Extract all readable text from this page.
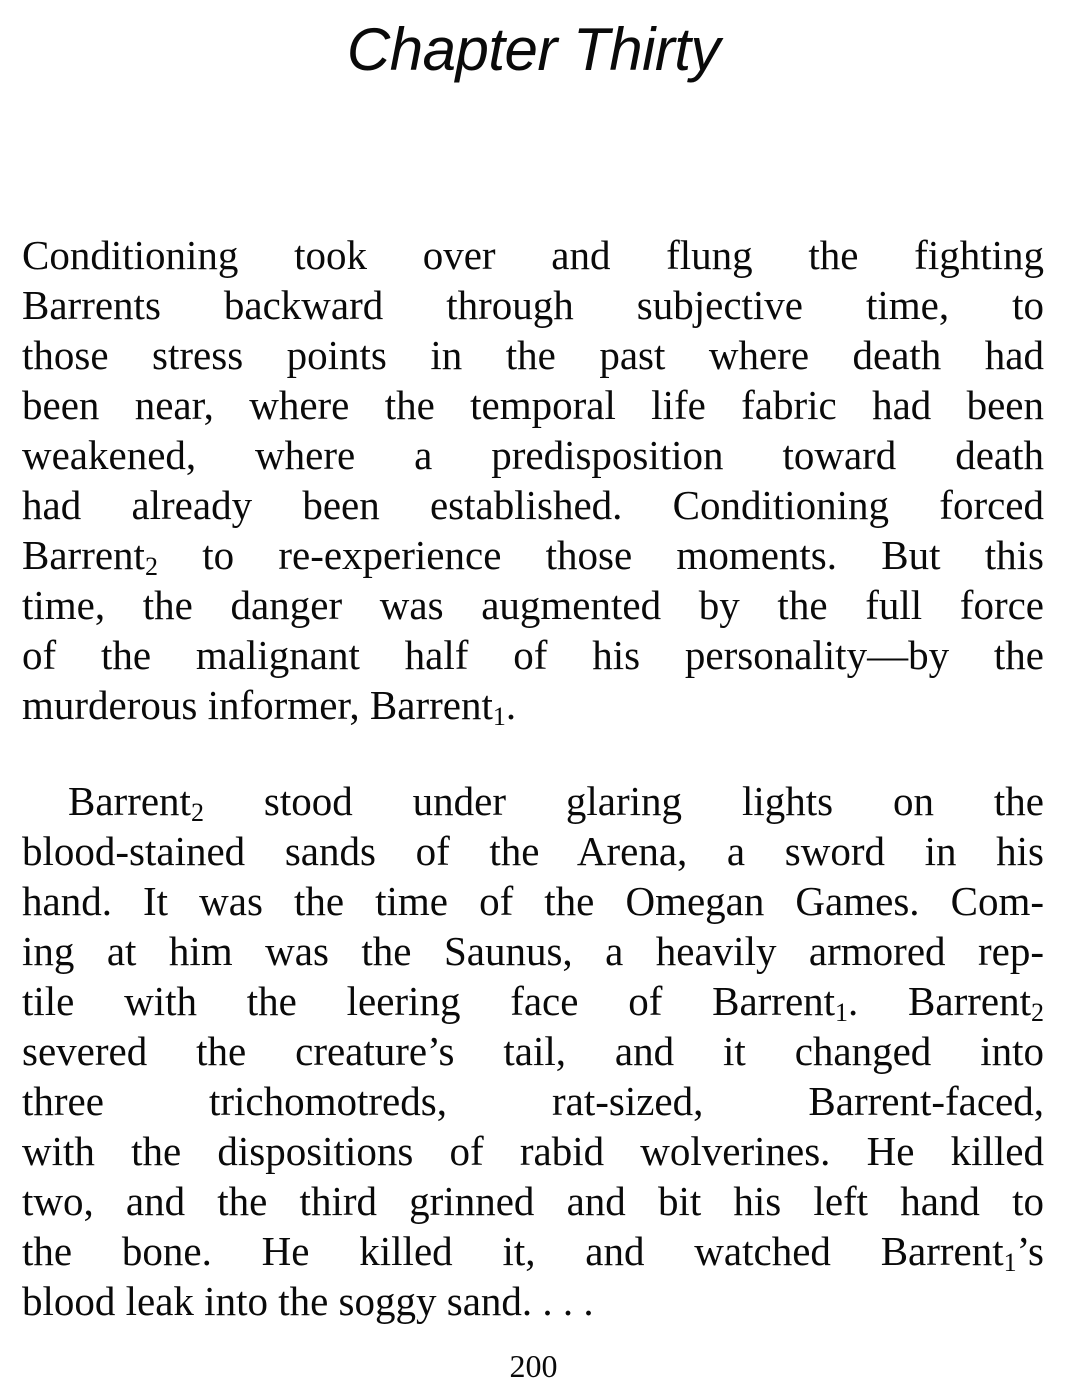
Chapter Thirty
Conditioning took over and flung the fighting
Barrents backward through subjective time, to
those stress points in the past where death had
been near, where the temporal life fabric had been
weakened, where a predisposition toward death
had already been established. Conditioning forced
Barrent$_2$ to re-experience those moments. But this
time, the danger was augmented by the full force
of the malignant half of his personality—by the
murderous informer, Barrent$_1$.
Barrent$_2$ stood under glaring lights on the
blood-stained sands of the Arena, a sword in his
hand. It was the time of the Omegan Games. Com-
ing at him was the Saunus, a heavily armored rep-
tile with the leering face of Barrent$_1$. Barrent$_2$
severed the creature’s tail, and it changed into
three trichomotreds, rat-sized, Barrent-faced,
with the dispositions of rabid wolverines. He killed
two, and the third grinned and bit his left hand to
the bone. He killed it, and watched Barrent$_1$’s
blood leak into the soggy sand. . . .
200
